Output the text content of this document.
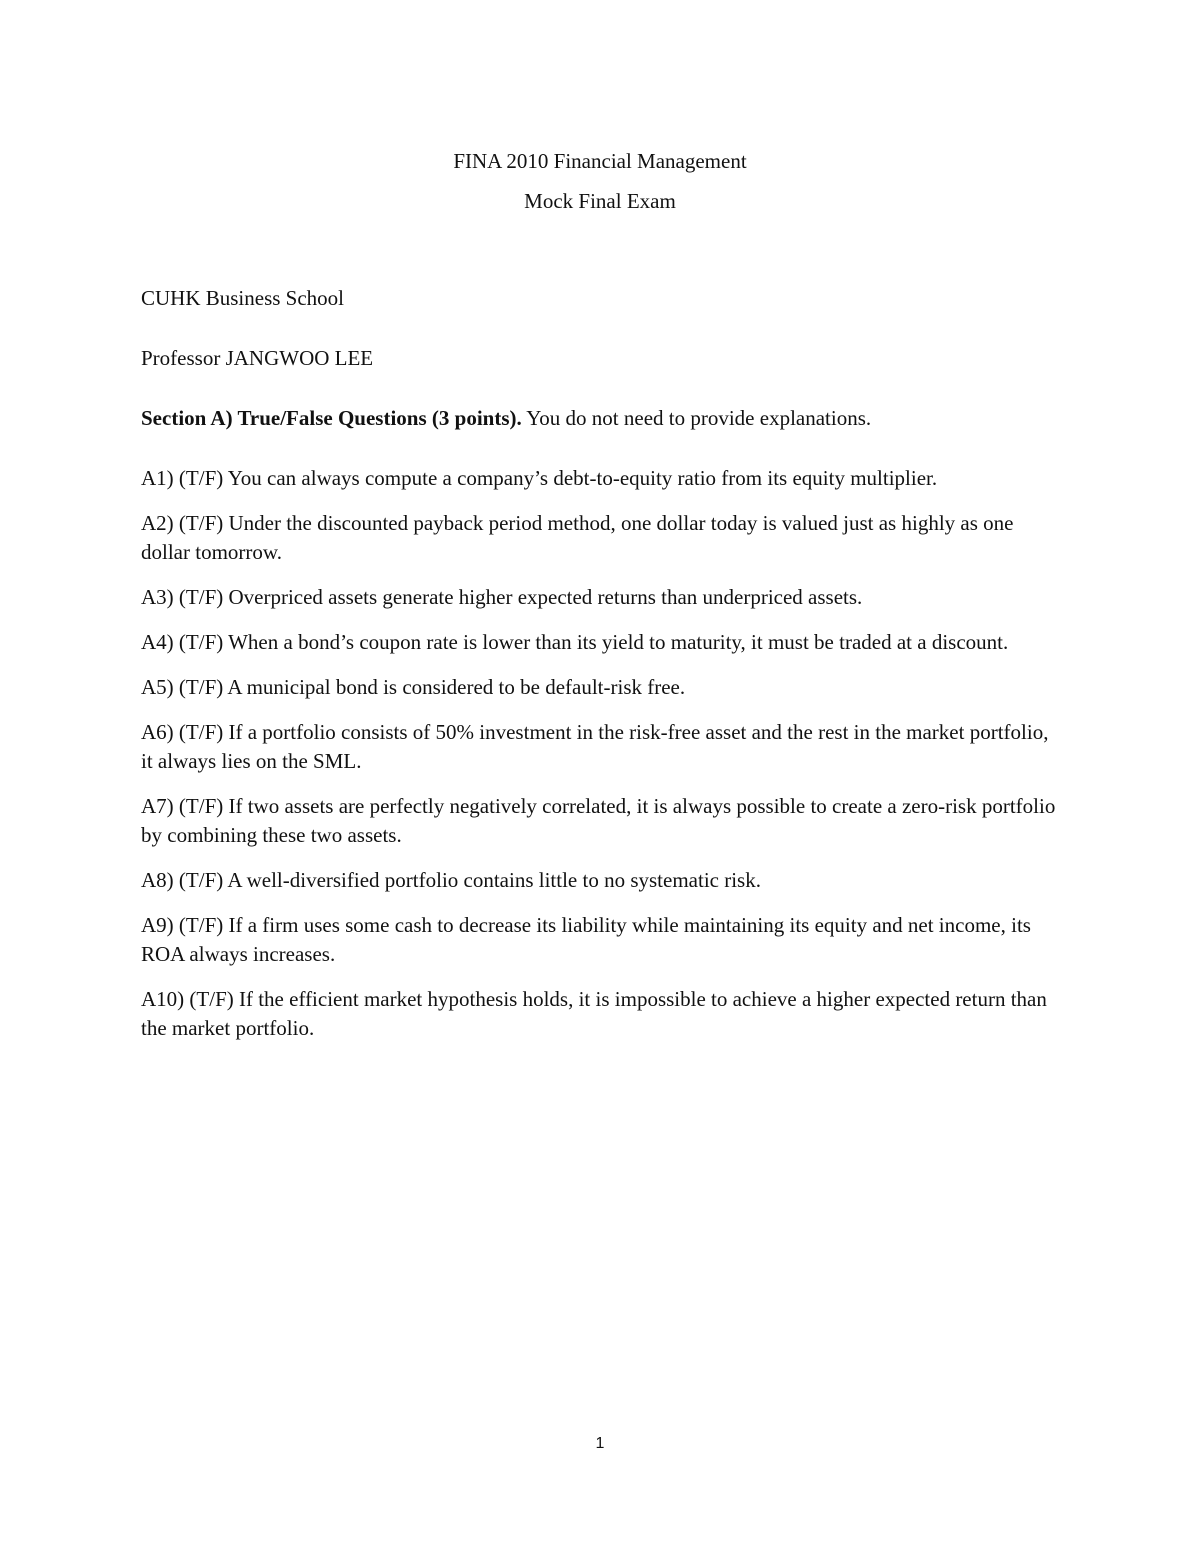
FINA 2010 Financial Management
Mock Final Exam
CUHK Business School
Professor JANGWOO LEE
Section A) True/False Questions (3 points). You do not need to provide explanations.

A1) (T/F) You can always compute a company’s debt-to-equity ratio from its equity multiplier.

A2) (T/F) Under the discounted payback period method, one dollar today is valued just as highly as one dollar tomorrow.

A3) (T/F) Overpriced assets generate higher expected returns than underpriced assets.

A4) (T/F) When a bond’s coupon rate is lower than its yield to maturity, it must be traded at a discount.

A5) (T/F) A municipal bond is considered to be default-risk free.

A6) (T/F) If a portfolio consists of 50% investment in the risk-free asset and the rest in the market portfolio, it always lies on the SML.

A7) (T/F) If two assets are perfectly negatively correlated, it is always possible to create a zero-risk portfolio by combining these two assets.

A8) (T/F) A well-diversified portfolio contains little to no systematic risk.

A9) (T/F) If a firm uses some cash to decrease its liability while maintaining its equity and net income, its ROA always increases.

A10) (T/F) If the efficient market hypothesis holds, it is impossible to achieve a higher expected return than the market portfolio.

1
